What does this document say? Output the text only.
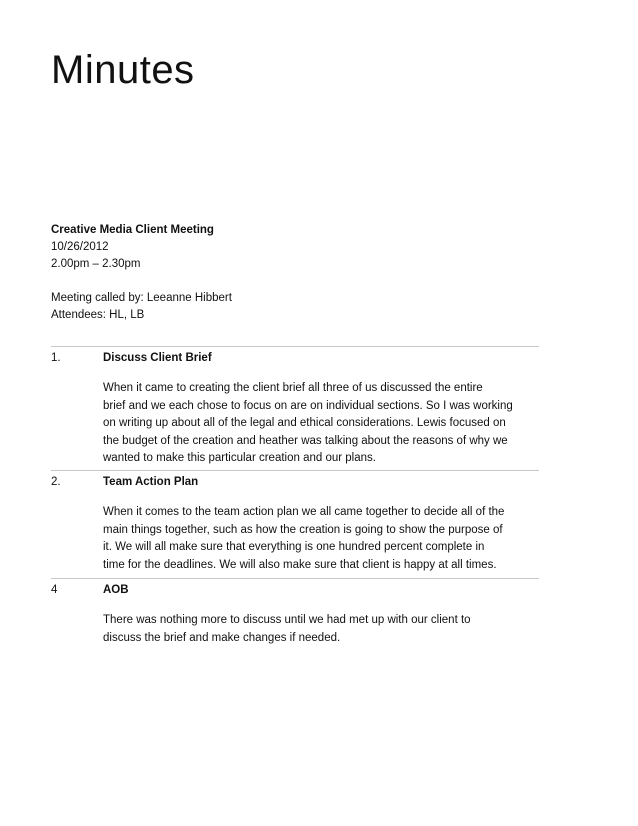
Minutes
Creative Media Client Meeting
10/26/2012
2.00pm – 2.30pm
Meeting called by: Leeanne Hibbert
Attendees: HL, LB
1.	Discuss Client Brief
When it came to creating the client brief all three of us discussed the entire
brief and we each chose to focus on are on individual sections. So I was working
on writing up about all of the legal and ethical considerations. Lewis focused on
the budget of the creation and heather was talking about the reasons of why we
wanted to make this particular creation and our plans.
2.	Team Action Plan
When it comes to the team action plan we all came together to decide all of the
main things together, such as how the creation is going to show the purpose of
it. We will all make sure that everything is one hundred percent complete in
time for the deadlines. We will also make sure that client is happy at all times.
4	AOB
There was nothing more to discuss until we had met up with our client to
discuss the brief and make changes if needed.
